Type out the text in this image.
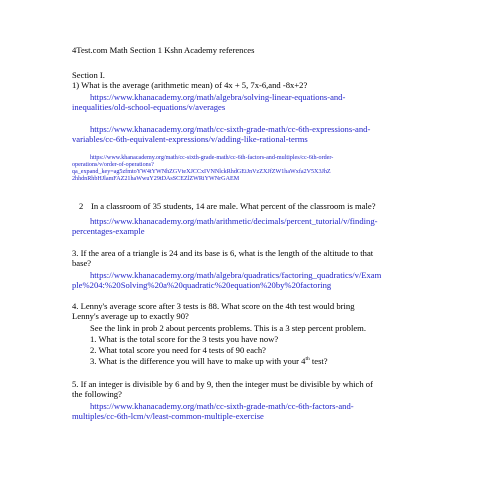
4Test.com Math Section 1 Kshn Academy references
Section I.
1) What is the average (arithmetic mean) of 4x + 5, 7x-6,and -8x+2?
https://www.khanacademy.org/math/algebra/solving-linear-equations-and-
inequalities/old-school-equations/v/averages
https://www.khanacademy.org/math/cc-sixth-grade-math/cc-6th-expressions-and-
variables/cc-6th-equivalent-expressions/v/adding-like-rational-terms
https://www.khanacademy.org/math/cc-sixth-grade-math/cc-6th-factors-and-multiples/cc-6th-order-
operations/v/order-of-operations?
qa_expand_key=ag5zfmtoYW4tYWNhZGVteXJCCxIVNNlckRhdGEiJnVzZXJfZW1haWxfa2V5X3JhZ
2hhdnRhbHJlamFAZ21haWwuY29tDAsSCEZlZWRiYWNrGAEM
2 In a classroom of 35 students, 14 are male. What percent of the classroom is male?
https://www.khanacademy.org/math/arithmetic/decimals/percent_tutorial/v/finding-
percentages-example
3. If the area of a triangle is 24 and its base is 6, what is the length of the altitude to that
base?
https://www.khanacademy.org/math/algebra/quadratics/factoring_quadratics/v/Exam
ple%204:%20Solving%20a%20quadratic%20equation%20by%20factoring
4. Lenny's average score after 3 tests is 88. What score on the 4th test would bring
Lenny's average up to exactly 90?
See the link in prob 2 about percents problems. This is a 3 step percent problem.
1. What is the total score for the 3 tests you have now?
2. What total score you need for 4 tests of 90 each?
3. What is the difference you will have to make up with your 4th test?
5. If an integer is divisible by 6 and by 9, then the integer must be divisible by which of
the following?
https://www.khanacademy.org/math/cc-sixth-grade-math/cc-6th-factors-and-
multiples/cc-6th-lcm/v/least-common-multiple-exercise
